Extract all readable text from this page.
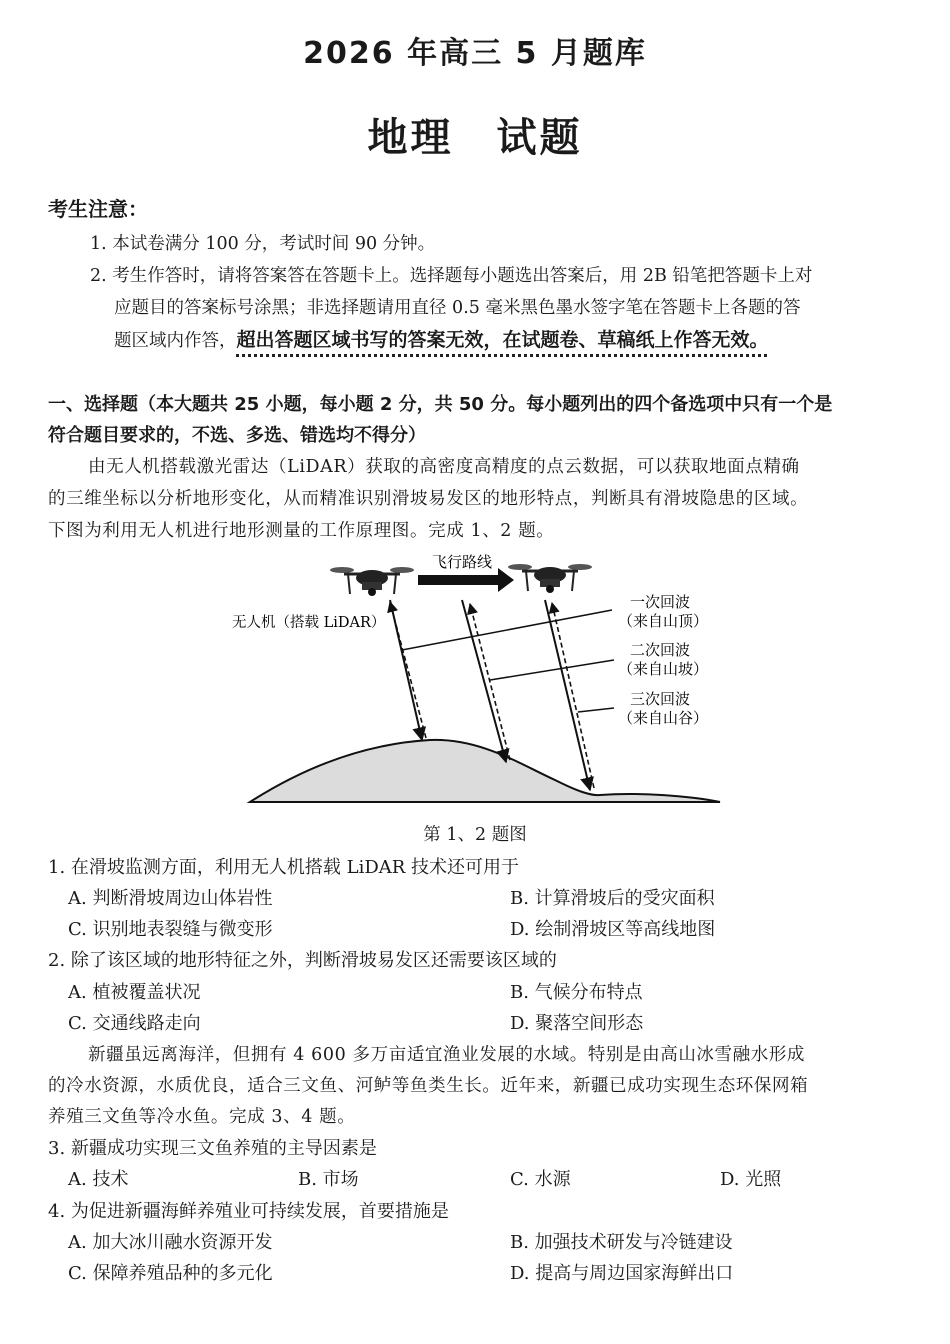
2026 年高三 5 月题库
地理　试题
考生注意：
1. 本试卷满分 100 分，考试时间 90 分钟。
2. 考生作答时，请将答案答在答题卡上。选择题每小题选出答案后，用 2B 铅笔把答题卡上对
应题目的答案标号涂黑；非选择题请用直径 0.5 毫米黑色墨水签字笔在答题卡上各题的答
题区域内作答，超出答题区域书写的答案无效，在试题卷、草稿纸上作答无效。
一、选择题（本大题共 25 小题，每小题 2 分，共 50 分。每小题列出的四个备选项中只有一个是
符合题目要求的，不选、多选、错选均不得分）
由无人机搭载激光雷达（LiDAR）获取的高密度高精度的点云数据，可以获取地面点精确
的三维坐标以分析地形变化，从而精准识别滑坡易发区的地形特点，判断具有滑坡隐患的区域。
下图为利用无人机进行地形测量的工作原理图。完成 1、2 题。
飞行路线
无人机（搭载 LiDAR）
一次回波
（来自山顶）
二次回波
（来自山坡）
三次回波
（来自山谷）
第 1、2 题图
1. 在滑坡监测方面，利用无人机搭载 LiDAR 技术还可用于
A. 判断滑坡周边山体岩性	B. 计算滑坡后的受灾面积
C. 识别地表裂缝与微变形	D. 绘制滑坡区等高线地图
2. 除了该区域的地形特征之外，判断滑坡易发区还需要该区域的
A. 植被覆盖状况	B. 气候分布特点
C. 交通线路走向	D. 聚落空间形态
新疆虽远离海洋，但拥有 4 600 多万亩适宜渔业发展的水域。特别是由高山冰雪融水形成
的冷水资源，水质优良，适合三文鱼、河鲈等鱼类生长。近年来，新疆已成功实现生态环保网箱
养殖三文鱼等冷水鱼。完成 3、4 题。
3. 新疆成功实现三文鱼养殖的主导因素是
A. 技术	B. 市场	C. 水源	D. 光照
4. 为促进新疆海鲜养殖业可持续发展，首要措施是
A. 加大冰川融水资源开发	B. 加强技术研发与冷链建设
C. 保障养殖品种的多元化	D. 提高与周边国家海鲜出口
